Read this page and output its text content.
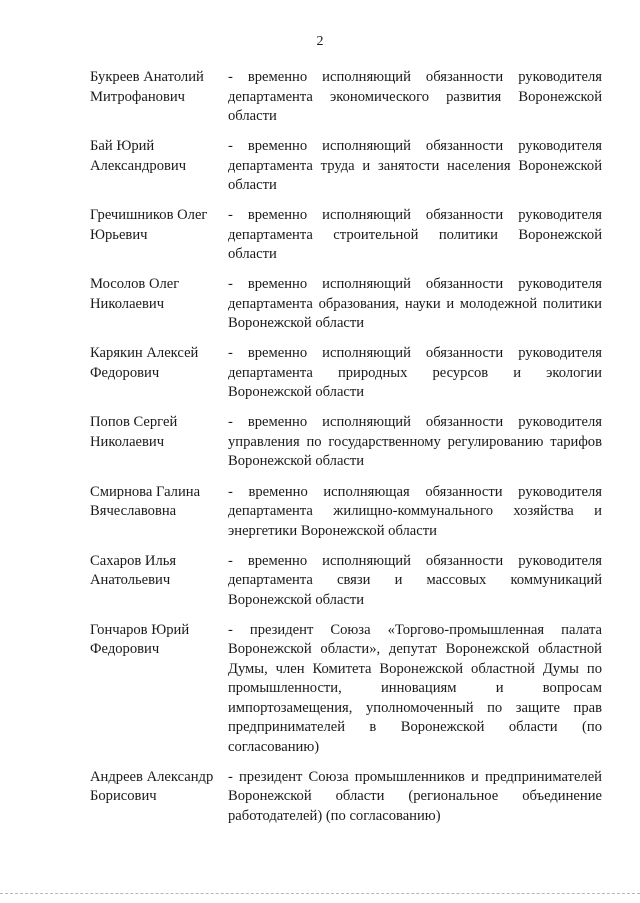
2
Букреев Анатолий
Митрофанович
- временно исполняющий обязанности руководителя департамента экономического развития Воронежской области
Бай Юрий
Александрович
- временно исполняющий обязанности руководителя департамента труда и занятости населения Воронежской области
Гречишников Олег
Юрьевич
- временно исполняющий обязанности руководителя департамента строительной политики Воронежской области
Мосолов Олег
Николаевич
- временно исполняющий обязанности руководителя департамента образования, науки и молодежной политики Воронежской области
Карякин Алексей
Федорович
- временно исполняющий обязанности руководителя департамента природных ресурсов и экологии Воронежской области
Попов Сергей
Николаевич
- временно исполняющий обязанности руководителя управления по государственному регулированию тарифов Воронежской области
Смирнова Галина
Вячеславовна
- временно исполняющая обязанности руководителя департамента жилищно-коммунального хозяйства и энергетики Воронежской области
Сахаров Илья
Анатольевич
- временно исполняющий обязанности руководителя департамента связи и массовых коммуникаций Воронежской области
Гончаров Юрий
Федорович
- президент Союза «Торгово-промышленная палата Воронежской области», депутат Воронежской областной Думы, член Комитета Воронежской областной Думы по промышленности, инновациям и вопросам импортозамещения, уполномоченный по защите прав предпринимателей в Воронежской области (по согласованию)
Андреев Александр
Борисович
- президент Союза промышленников и предпринимателей Воронежской области (региональное объединение работодателей) (по согласованию)
